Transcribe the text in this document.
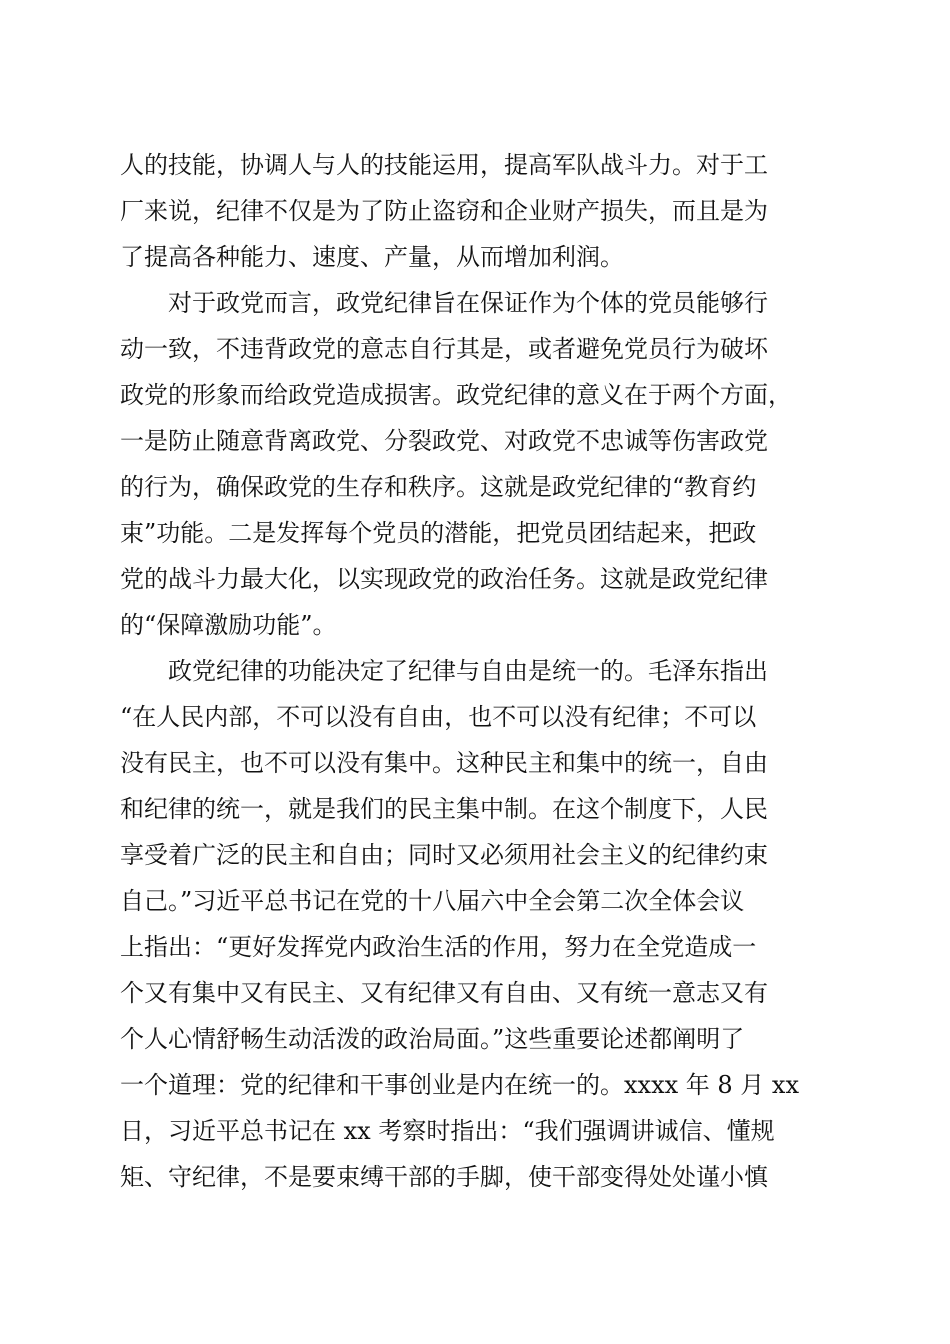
人的技能，协调人与人的技能运用，提高军队战斗力。对于工
厂来说，纪律不仅是为了防止盗窃和企业财产损失，而且是为
了提高各种能力、速度、产量，从而增加利润。
　　对于政党而言，政党纪律旨在保证作为个体的党员能够行
动一致，不违背政党的意志自行其是，或者避免党员行为破坏
政党的形象而给政党造成损害。政党纪律的意义在于两个方面，
一是防止随意背离政党、分裂政党、对政党不忠诚等伤害政党
的行为，确保政党的生存和秩序。这就是政党纪律的“教育约
束”功能。二是发挥每个党员的潜能，把党员团结起来，把政
党的战斗力最大化，以实现政党的政治任务。这就是政党纪律
的“保障激励功能”。
　　政党纪律的功能决定了纪律与自由是统一的。毛泽东指出
“在人民内部，不可以没有自由，也不可以没有纪律；不可以
没有民主，也不可以没有集中。这种民主和集中的统一，自由
和纪律的统一，就是我们的民主集中制。在这个制度下，人民
享受着广泛的民主和自由；同时又必须用社会主义的纪律约束
自己。”习近平总书记在党的十八届六中全会第二次全体会议
上指出：“更好发挥党内政治生活的作用，努力在全党造成一
个又有集中又有民主、又有纪律又有自由、又有统一意志又有
个人心情舒畅生动活泼的政治局面。”这些重要论述都阐明了
一个道理：党的纪律和干事创业是内在统一的。xxxx 年 8 月 xx
日，习近平总书记在 xx 考察时指出：“我们强调讲诚信、懂规
矩、守纪律，不是要束缚干部的手脚，使干部变得处处谨小慎
